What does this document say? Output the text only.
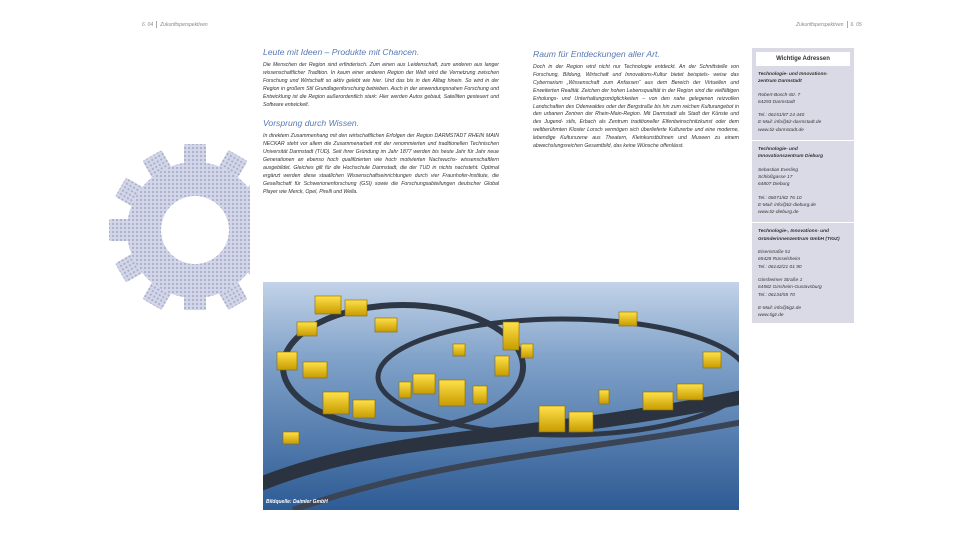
6. 04 Zukunftsperspektiven	Zukunftsperspektiven 6. 05
Leute mit Ideen – Produkte mit Chancen.

Die Menschen der Region sind erfinderisch. Zum einen aus Leidenschaft, zum anderen aus langer wissenschaftlicher Tradition. In kaum einer anderen Region der Welt wird die Vernetzung zwischen Forschung und Wirtschaft so aktiv gelebt wie hier. Und das bis in den Alltag hinein. So wird in der Region in großem Stil Grundlagenforschung betrieben. Auch in der anwendungsnahen Forschung und Entwicklung ist die Region außerordentlich stark: Hier werden Autos gebaut, Satelliten gesteuert und Software entwickelt.

Vorsprung durch Wissen.

In direktem Zusammenhang mit den wirtschaftlichen Erfolgen der Region DARMSTADT RHEIN MAIN NECKAR steht vor allem die Zusammenarbeit mit der renommierten und traditionellen Technischen Universität Darmstadt (TUD). Seit ihrer Gründung im Jahr 1877 werden bis heute Jahr für Jahr neue Generationen an ebenso hoch qualifizierten wie hoch motivierten Nachwuchs- wissenschaftlern ausgebildet. Gleiches gilt für die Hochschule Darmstadt, die der TUD in nichts nachsteht. Optimal ergänzt werden diese staatlichen Wissenschaftseinrichtungen durch vier Fraunhofer-Institute, die Gesellschaft für Schwerionenforschung (GSI) sowie die Forschungsabteilungen deutscher Global Player wie Merck, Opel, Pirelli und Wella.

Raum für Entdeckungen aller Art.

Doch in der Region wird nicht nur Technologie entdeckt. An der Schnittstelle von Forschung, Bildung, Wirtschaft und Innovations-Kultur bietet beispiels- weise das Cybernarium „Wissenschaft zum Anfassen“ aus dem Bereich der Virtuellen und Erweiterten Realität. Zeichen der hohen Lebensqualität in der Region sind die vielfältigen Erholungs- und Unterhaltungsmöglichkeiten – von den nahe gelegenen reizvollen Landschaften des Odenwaldes oder der Bergstraße bis hin zum reichen Kulturangebot in den urbanen Zentren der Rhein-Main-Region. Mit Darmstadt als Stadt der Künste und des Jugend- stils, Erbach als Zentrum traditioneller Elfenbeinschnitzkunst oder dem weltberühmten Kloster Lorsch vermögen sich überlieferte Kulturerbe und eine moderne, lebendige Kulturszene aus Theatern, Kleinkunstbühnen und Museen zu einem abwechslungsreichen Gesamtbild, das keine Wünsche offenlässt.

Wichtige Adressen
Technologie- und Innovations-
zentrum Darmstadt
Robert-Bosch-Str. 7
64293 Darmstadt
Tel.: 06151/87 24 440
E-Mail: info@tiz-darmstadt.de
www.tiz-darmstadt.de
Technologie- und
Innovationszentrum Dieburg
Sebastian Everling
Schloßgasse 17
64807 Dieburg
Tel.: 06071/82 76 10
E-Mail: info@tiz-dieburg.de
www.tiz-dieburg.de
Technologie-, Innovations- und
Gründerinnenzentrum GmbH (TIGZ)
Eisenstraße 51
65428 Rüsselsheim
Tel.: 06142/21 01 90
Ginsheimer Straße 1
64582 Ginsheim-Gustavsburg
Tel.: 06134/55 70
E-Mail: info@tigz.de
www.tigz.de
Bildquelle: Daimler GmbH
